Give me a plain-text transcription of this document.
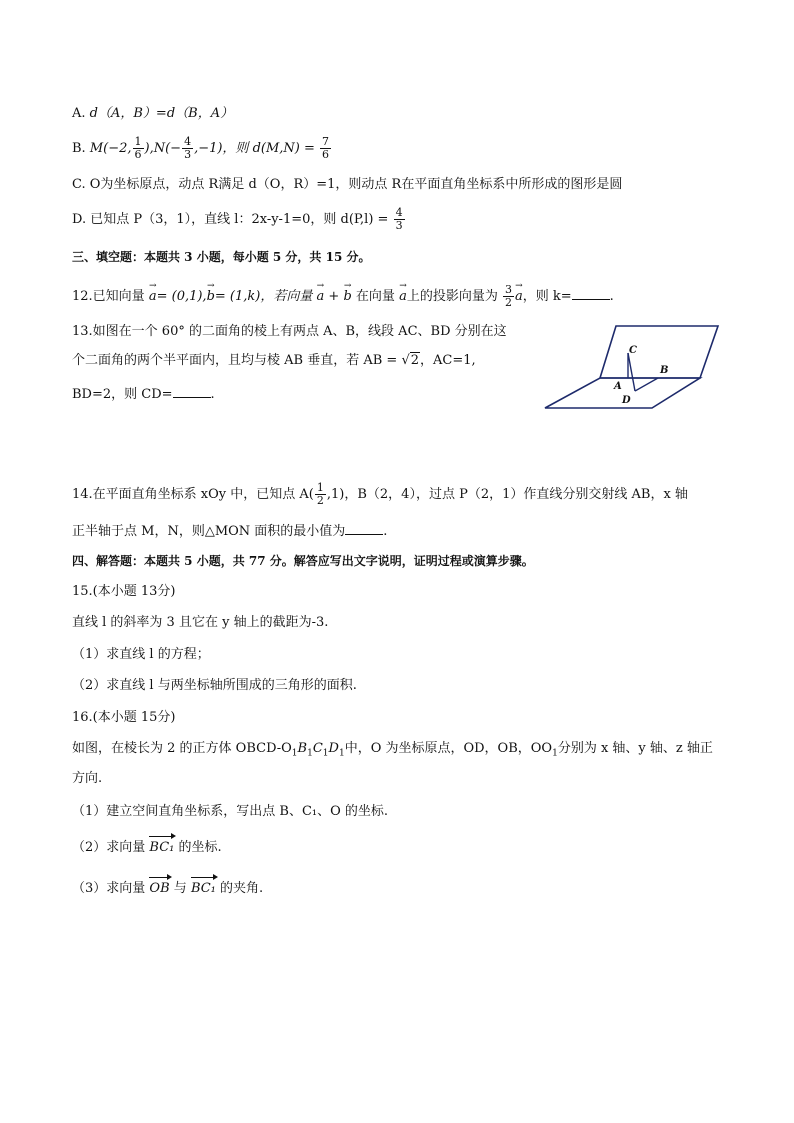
A. d（A，B）=d（B，A）
B. M(−2, $\frac{1}{6} ),N(- \frac{4}{3} ,-1)$，则 $d(M,N) = \frac{7}{6}$
C. O为坐标原点，动点 R满足 d（O，R）=1，则动点 R在平面直角坐标系中所形成的图形是圆
D. 已知点 P（3，1），直线 l：2x-y-1=0，则 $d(P,l) = \frac{4}{3}$
三、填空题：本题共 3 小题，每小题 5 分，共 15 分。
12.已知向量 → a= (0,1),→ b= (1,k)，若向量 → a + → b 在向量 → a上的投影向量为 $\frac{3}{2}$
→ a，则 k=	.
13.如图在一个 60° 的二面角的棱上有两点 A、B，线段 AC、BD 分别在这
个二面角的两个半平面内，且均与棱 AB 垂直，若 AB = √2，AC=1,
BD=2，则 CD=	.
C
A
B
D
14.在平面直角坐标系 xOy 中，已知点 $A( \frac{1}{2} ,1)$，B（2，4），过点 P（2，1）作直线分别交射线 AB，x 轴
正半轴于点 M，N，则△MON 面积的最小值为	.
四、解答题：本题共 5 小题，共 77 分。解答应写出文字说明，证明过程或演算步骤。
15.(本小题 13分)
直线 l 的斜率为 3 且它在 y 轴上的截距为-3.
（1）求直线 l 的方程；
（2）求直线 l 与两坐标轴所围成的三角形的面积.
16.(本小题 15分)
如图，在棱长为 2 的正方体 OBCD-$O_1B_1C_1D_1$中，O 为坐标原点，OD，OB，$OO_1$分别为 x 轴、y 轴、z 轴正
方向.
（1）建立空间直角坐标系，写出点 B、C₁、O 的坐标.
（2）求向量 BC₁ 的坐标.
（3）求向量 OB 与 BC₁ 的夹角.
